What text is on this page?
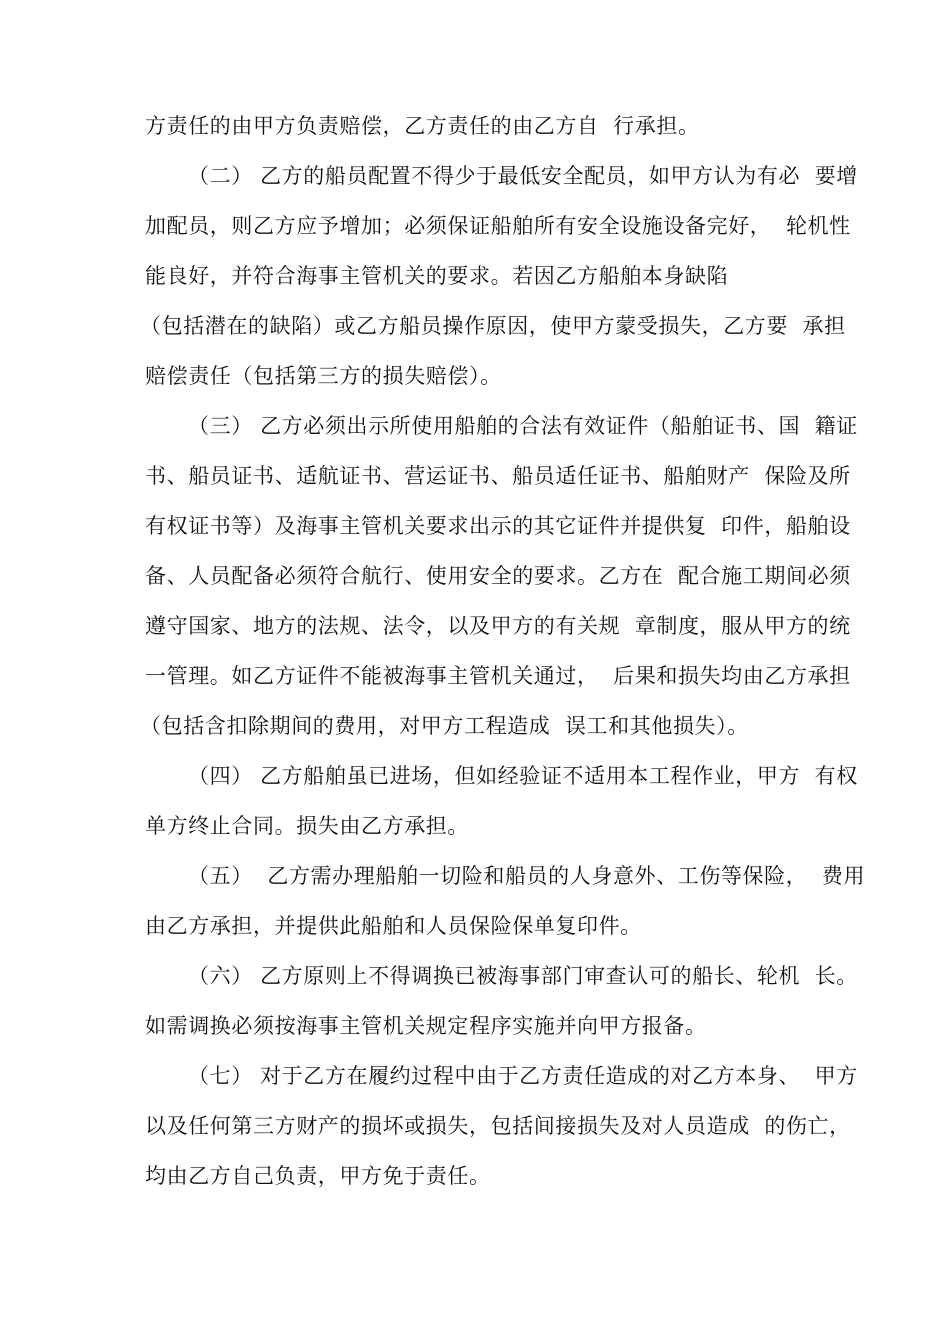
方责任的由甲方负责赔偿，乙方责任的由乙方自  行承担。
（二） 乙方的船员配置不得少于最低安全配员，如甲方认为有必  要增
加配员，则乙方应予增加；必须保证船舶所有安全设施设备完好，  轮机性
能良好，并符合海事主管机关的要求。若因乙方船舶本身缺陷
（包括潜在的缺陷）或乙方船员操作原因，使甲方蒙受损失，乙方要  承担
赔偿责任（包括第三方的损失赔偿）。
（三） 乙方必须出示所使用船舶的合法有效证件（船舶证书、国  籍证
书、船员证书、适航证书、营运证书、船员适任证书、船舶财产  保险及所
有权证书等）及海事主管机关要求出示的其它证件并提供复  印件，船舶设
备、人员配备必须符合航行、使用安全的要求。乙方在  配合施工期间必须
遵守国家、地方的法规、法令，以及甲方的有关规  章制度，服从甲方的统
一管理。如乙方证件不能被海事主管机关通过，  后果和损失均由乙方承担
（包括含扣除期间的费用，对甲方工程造成  误工和其他损失）。
（四） 乙方船舶虽已进场，但如经验证不适用本工程作业，甲方  有权
单方终止合同。损失由乙方承担。
（五）  乙方需办理船舶一切险和船员的人身意外、工伤等保险，  费用
由乙方承担，并提供此船舶和人员保险保单复印件。
（六） 乙方原则上不得调换已被海事部门审查认可的船长、轮机  长。
如需调换必须按海事主管机关规定程序实施并向甲方报备。
（七） 对于乙方在履约过程中由于乙方责任造成的对乙方本身、  甲方
以及任何第三方财产的损坏或损失，包括间接损失及对人员造成  的伤亡，
均由乙方自己负责，甲方免于责任。
